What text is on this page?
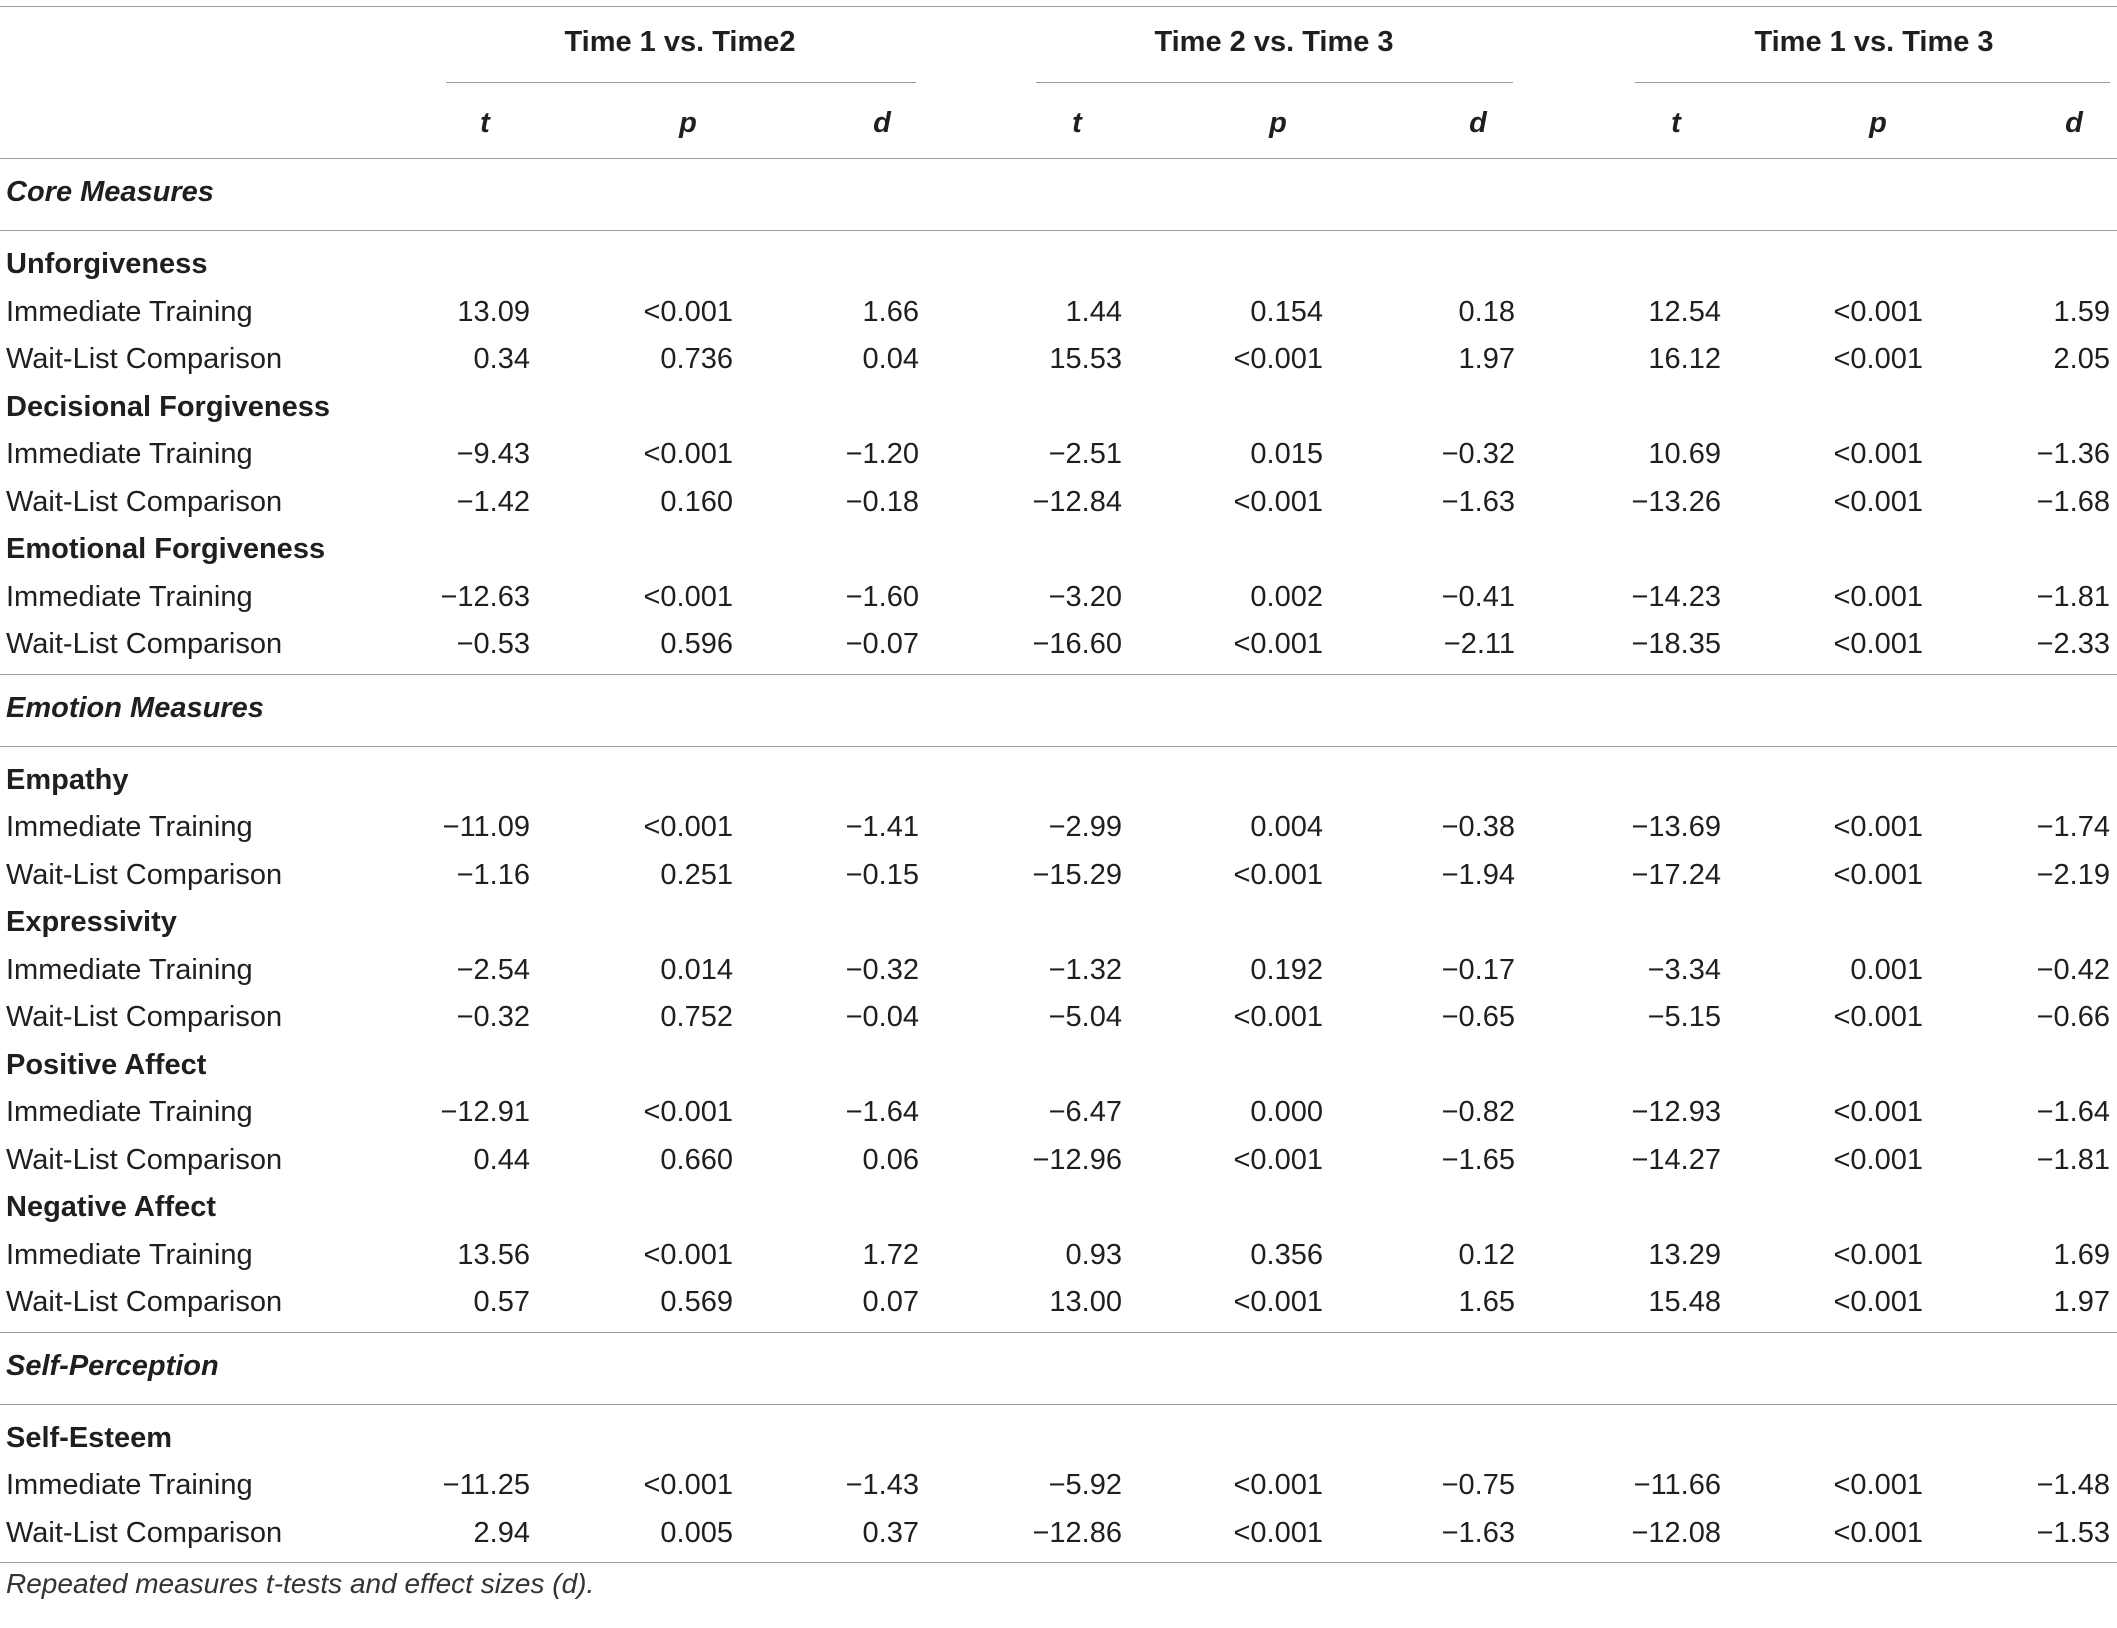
Time 1 vs. Time2	Time 2 vs. Time 3	Time 1 vs. Time 3
t	p	d	t	p	d	t	p	d
Core Measures
Unforgiveness
Immediate Training	13.09	<0.001	1.66	1.44	0.154	0.18	12.54	<0.001	1.59
Wait-List Comparison	0.34	0.736	0.04	15.53	<0.001	1.97	16.12	<0.001	2.05
Decisional Forgiveness
Immediate Training	−9.43	<0.001	−1.20	−2.51	0.015	−0.32	10.69	<0.001	−1.36
Wait-List Comparison	−1.42	0.160	−0.18	−12.84	<0.001	−1.63	−13.26	<0.001	−1.68
Emotional Forgiveness
Immediate Training	−12.63	<0.001	−1.60	−3.20	0.002	−0.41	−14.23	<0.001	−1.81
Wait-List Comparison	−0.53	0.596	−0.07	−16.60	<0.001	−2.11	−18.35	<0.001	−2.33
Emotion Measures
Empathy
Immediate Training	−11.09	<0.001	−1.41	−2.99	0.004	−0.38	−13.69	<0.001	−1.74
Wait-List Comparison	−1.16	0.251	−0.15	−15.29	<0.001	−1.94	−17.24	<0.001	−2.19
Expressivity
Immediate Training	−2.54	0.014	−0.32	−1.32	0.192	−0.17	−3.34	0.001	−0.42
Wait-List Comparison	−0.32	0.752	−0.04	−5.04	<0.001	−0.65	−5.15	<0.001	−0.66
Positive Affect
Immediate Training	−12.91	<0.001	−1.64	−6.47	0.000	−0.82	−12.93	<0.001	−1.64
Wait-List Comparison	0.44	0.660	0.06	−12.96	<0.001	−1.65	−14.27	<0.001	−1.81
Negative Affect
Immediate Training	13.56	<0.001	1.72	0.93	0.356	0.12	13.29	<0.001	1.69
Wait-List Comparison	0.57	0.569	0.07	13.00	<0.001	1.65	15.48	<0.001	1.97
Self-Perception
Self-Esteem
Immediate Training	−11.25	<0.001	−1.43	−5.92	<0.001	−0.75	−11.66	<0.001	−1.48
Wait-List Comparison	2.94	0.005	0.37	−12.86	<0.001	−1.63	−12.08	<0.001	−1.53
Repeated measures t-tests and effect sizes (d).
